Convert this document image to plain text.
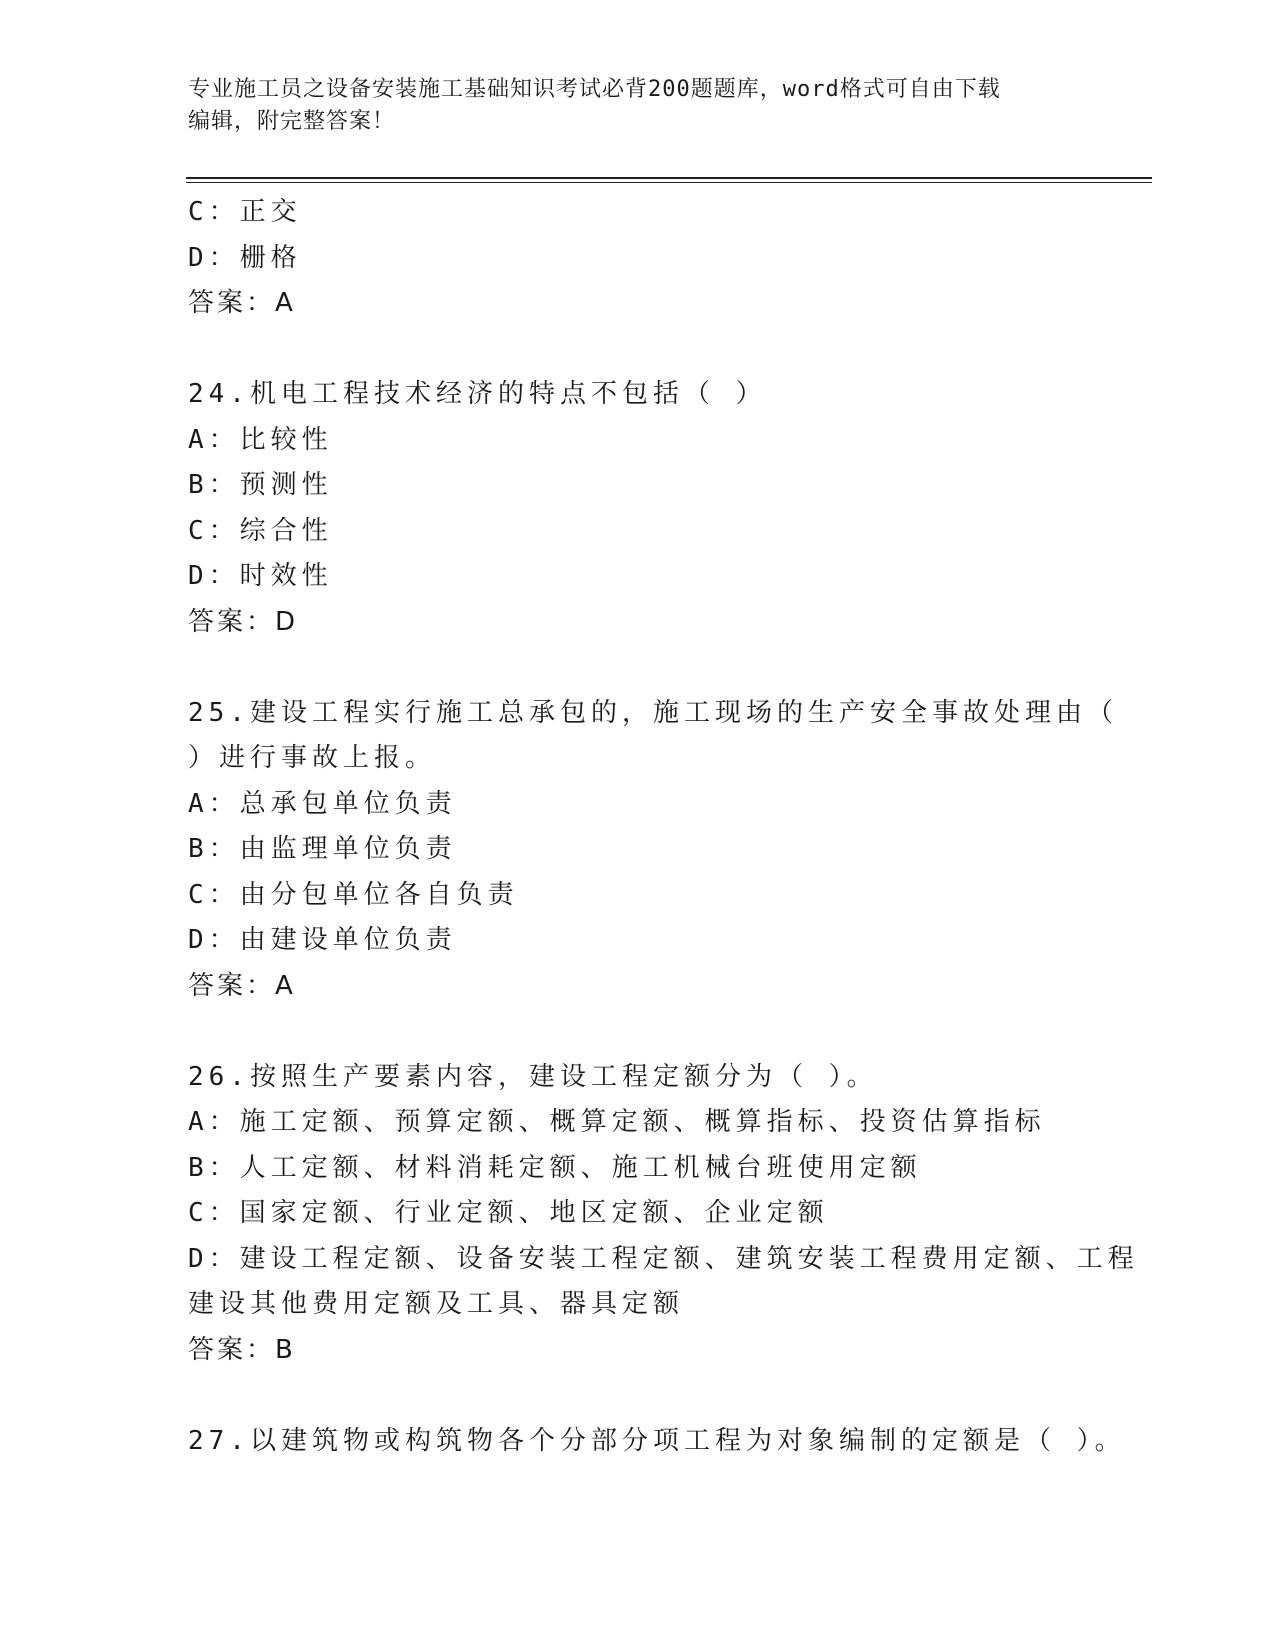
专业施工员之设备安装施工基础知识考试必背200题题库，word格式可自由下载
编辑，附完整答案！
C：正交
D：栅格
答案：A
24.机电工程技术经济的特点不包括（ ）
A：比较性
B：预测性
C：综合性
D：时效性
答案：D
25.建设工程实行施工总承包的，施工现场的生产安全事故处理由（
）进行事故上报。
A：总承包单位负责
B：由监理单位负责
C：由分包单位各自负责
D：由建设单位负责
答案：A
26.按照生产要素内容，建设工程定额分为（ ）。
A：施工定额、预算定额、概算定额、概算指标、投资估算指标
B：人工定额、材料消耗定额、施工机械台班使用定额
C：国家定额、行业定额、地区定额、企业定额
D：建设工程定额、设备安装工程定额、建筑安装工程费用定额、工程
建设其他费用定额及工具、器具定额
答案：B
27.以建筑物或构筑物各个分部分项工程为对象编制的定额是（ ）。
